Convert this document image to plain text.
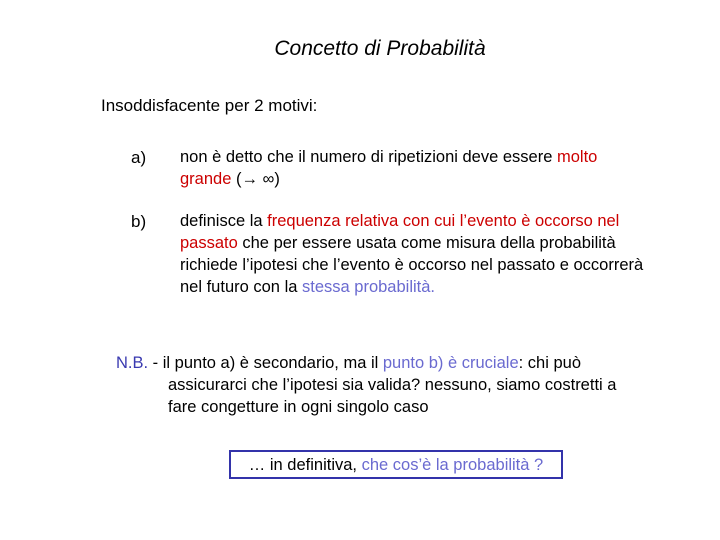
Concetto di Probabilità
Insoddisfacente per 2 motivi:
a) non è detto che il numero di ripetizioni deve essere molto grande (→ ∞)
b) definisce la frequenza relativa con cui l’evento è occorso nel passato che per essere usata come misura della probabilità richiede l’ipotesi che l’evento è occorso nel passato e occorrerà nel futuro con la stessa probabilità.
N.B. - il punto a) è secondario, ma il punto b) è cruciale: chi può
assicurarci che l’ipotesi sia valida? nessuno, siamo costretti a
fare congetture in ogni singolo caso
… in definitiva, che cos’è la probabilità ?
